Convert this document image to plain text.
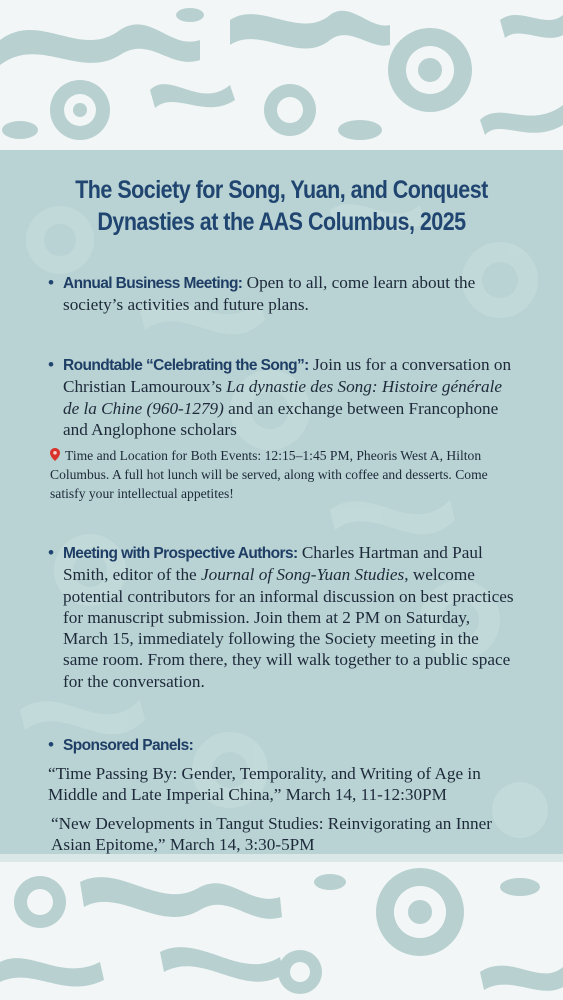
The Society for Song, Yuan, and Conquest
Dynasties at the AAS Columbus, 2025
• Annual Business Meeting: Open to all, come learn about the society’s activities and future plans.
• Roundtable “Celebrating the Song”: Join us for a conversation on Christian Lamouroux’s La dynastie des Song: Histoire générale de la Chine (960-1279) and an exchange between Francophone and Anglophone scholars
Time and Location for Both Events: 12:15–1:45 PM, Pheoris West A, Hilton Columbus. A full hot lunch will be served, along with coffee and desserts. Come satisfy your intellectual appetites!
• Meeting with Prospective Authors: Charles Hartman and Paul Smith, editor of the Journal of Song-Yuan Studies, welcome potential contributors for an informal discussion on best practices for manuscript submission. Join them at 2 PM on Saturday, March 15, immediately following the Society meeting in the same room. From there, they will walk together to a public space for the conversation.
• Sponsored Panels:
“Time Passing By: Gender, Temporality, and Writing of Age in Middle and Late Imperial China,” March 14, 11-12:30PM
“New Developments in Tangut Studies: Reinvigorating an Inner Asian Epitome,” March 14, 3:30-5PM
